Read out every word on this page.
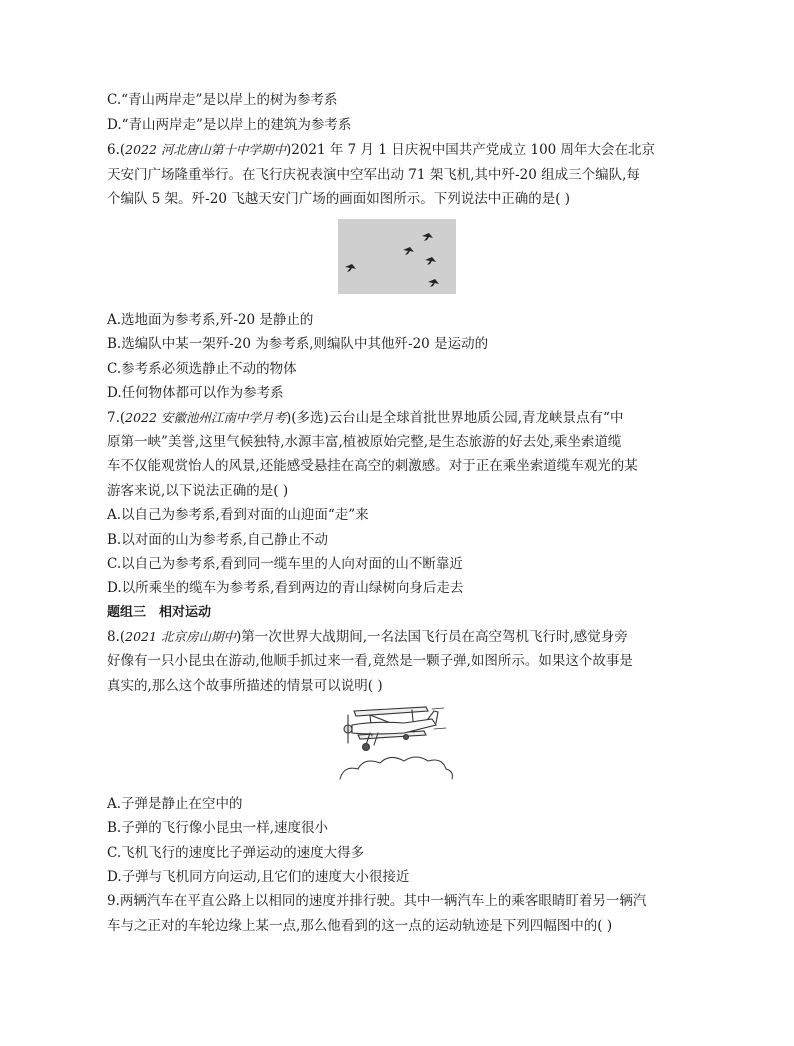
C.“青山两岸走”是以岸上的树为参考系
D.“青山两岸走”是以岸上的建筑为参考系
6.(2022 河北唐山第十中学期中)2021 年 7 月 1 日庆祝中国共产党成立 100 周年大会在北京
天安门广场隆重举行。在飞行庆祝表演中空军出动 71 架飞机,其中歼-20 组成三个编队,每
个编队 5 架。歼-20 飞越天安门广场的画面如图所示。下列说法中正确的是( )
A.选地面为参考系,歼-20 是静止的
B.选编队中某一架歼-20 为参考系,则编队中其他歼-20 是运动的
C.参考系必须选静止不动的物体
D.任何物体都可以作为参考系
7.(2022 安徽池州江南中学月考)(多选)云台山是全球首批世界地质公园,青龙峡景点有“中
原第一峡”美誉,这里气候独特,水源丰富,植被原始完整,是生态旅游的好去处,乘坐索道缆
车不仅能观赏怡人的风景,还能感受悬挂在高空的刺激感。对于正在乘坐索道缆车观光的某
游客来说,以下说法正确的是( )
A.以自己为参考系,看到对面的山迎面“走”来
B.以对面的山为参考系,自己静止不动
C.以自己为参考系,看到同一缆车里的人向对面的山不断靠近
D.以所乘坐的缆车为参考系,看到两边的青山绿树向身后走去
题组三　相对运动
8.(2021 北京房山期中)第一次世界大战期间,一名法国飞行员在高空驾机飞行时,感觉身旁
好像有一只小昆虫在游动,他顺手抓过来一看,竟然是一颗子弹,如图所示。如果这个故事是
真实的,那么这个故事所描述的情景可以说明( )
A.子弹是静止在空中的
B.子弹的飞行像小昆虫一样,速度很小
C.飞机飞行的速度比子弹运动的速度大得多
D.子弹与飞机同方向运动,且它们的速度大小很接近
9.两辆汽车在平直公路上以相同的速度并排行驶。其中一辆汽车上的乘客眼睛盯着另一辆汽
车与之正对的车轮边缘上某一点,那么他看到的这一点的运动轨迹是下列四幅图中的( )
